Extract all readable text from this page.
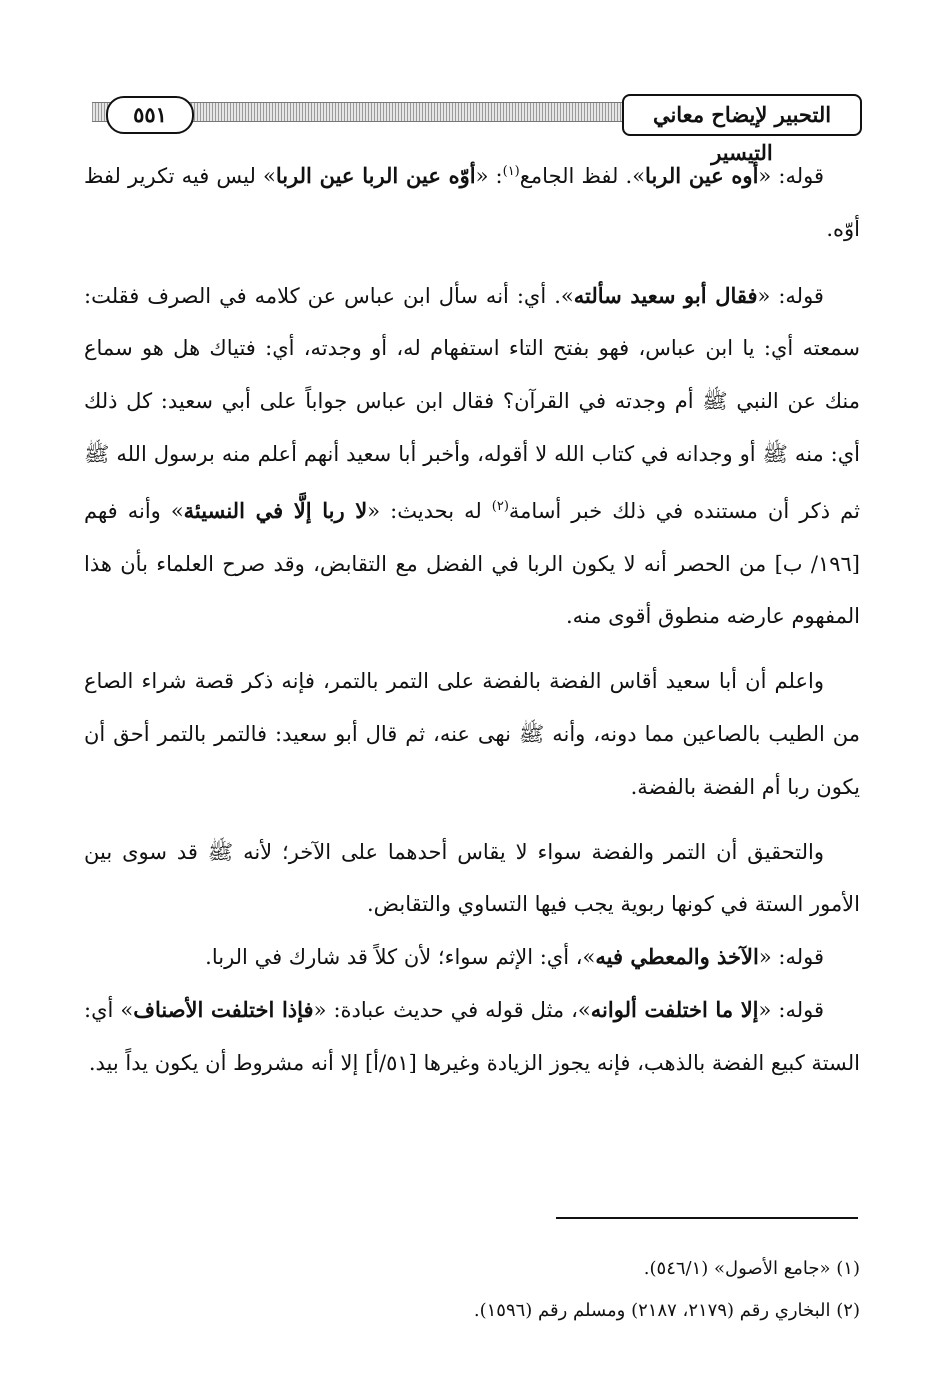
٥٥١	التحبير لإيضاح معاني التيسير

قوله: «أوه عين الربا». لفظ الجامع$^{(١)}$: «أوّه عين الربا عين الربا» ليس فيه تكرير لفظ أوّه.

قوله: «فقال أبو سعيد سألته». أي: أنه سأل ابن عباس عن كلامه في الصرف فقلت: سمعته أي: يا ابن عباس، فهو بفتح التاء استفهام له، أو وجدته، أي: فتياك هل هو سماع منك عن النبي ﷺ أم وجدته في القرآن؟ فقال ابن عباس جواباً على أبي سعيد: كل ذلك أي: منه ﷺ أو وجدانه في كتاب الله لا أقوله، وأخبر أبا سعيد أنهم أعلم منه برسول الله ﷺ ثم ذكر أن مستنده في ذلك خبر أسامة$^{(٢)}$ له بحديث: «لا ربا إلَّا في النسيئة» وأنه فهم [١٩٦/ ب] من الحصر أنه لا يكون الربا في الفضل مع التقابض، وقد صرح العلماء بأن هذا المفهوم عارضه منطوق أقوى منه.

واعلم أن أبا سعيد أقاس الفضة بالفضة على التمر بالتمر، فإنه ذكر قصة شراء الصاع من الطيب بالصاعين مما دونه، وأنه ﷺ نهى عنه، ثم قال أبو سعيد: فالتمر بالتمر أحق أن يكون ربا أم الفضة بالفضة.

والتحقيق أن التمر والفضة سواء لا يقاس أحدهما على الآخر؛ لأنه ﷺ قد سوى بين الأمور الستة في كونها ربوية يجب فيها التساوي والتقابض.

قوله: «الآخذ والمعطي فيه»، أي: الإثم سواء؛ لأن كلاً قد شارك في الربا.

قوله: «إلا ما اختلفت ألوانه»، مثل قوله في حديث عبادة: «فإذا اختلفت الأصناف» أي: الستة كبيع الفضة بالذهب، فإنه يجوز الزيادة وغيرها [٥١/أ] إلا أنه مشروط أن يكون يداً بيد.

(١) «جامع الأصول» (٥٤٦/١).

(٢) البخاري رقم (٢١٧٩، ٢١٨٧) ومسلم رقم (١٥٩٦).
